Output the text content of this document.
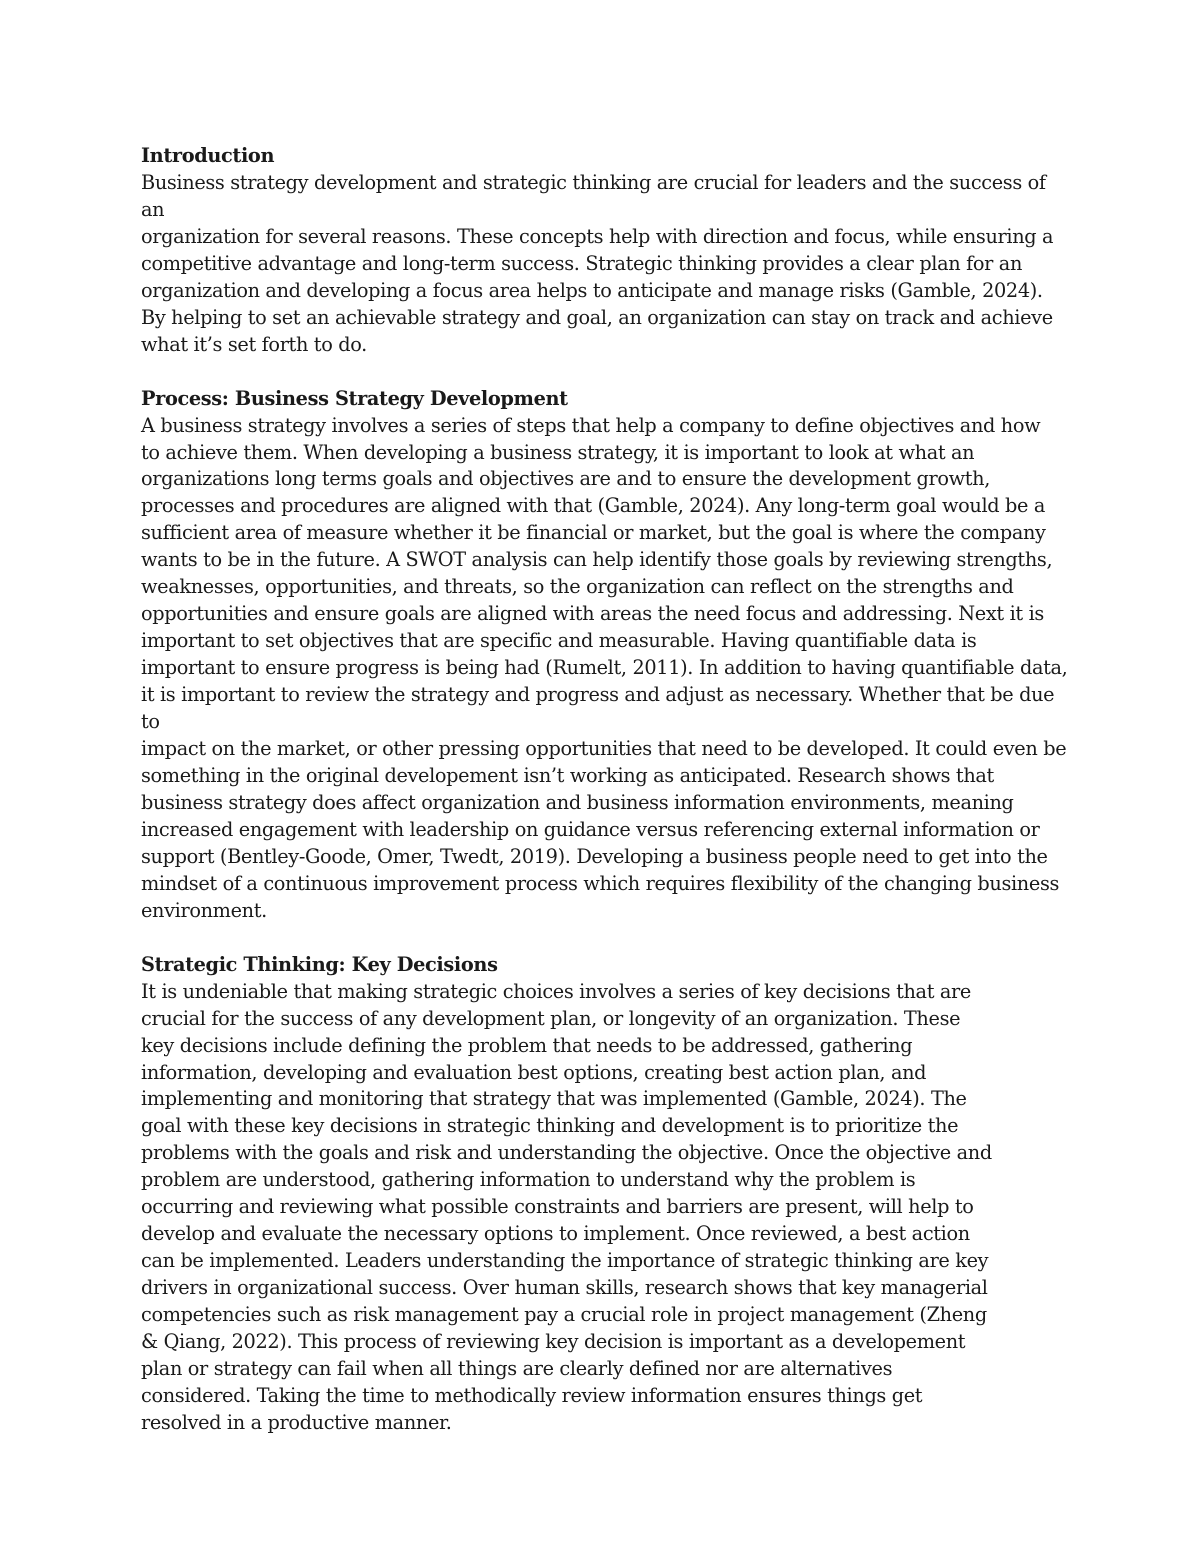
Introduction

Business strategy development and strategic thinking are crucial for leaders and the success of an
organization for several reasons. These concepts help with direction and focus, while ensuring a
competitive advantage and long-term success. Strategic thinking provides a clear plan for an
organization and developing a focus area helps to anticipate and manage risks (Gamble, 2024).
By helping to set an achievable strategy and goal, an organization can stay on track and achieve
what it’s set forth to do.

Process: Business Strategy Development

A business strategy involves a series of steps that help a company to define objectives and how
to achieve them. When developing a business strategy, it is important to look at what an
organizations long terms goals and objectives are and to ensure the development growth,
processes and procedures are aligned with that (Gamble, 2024). Any long-term goal would be a
sufficient area of measure whether it be financial or market, but the goal is where the company
wants to be in the future. A SWOT analysis can help identify those goals by reviewing strengths,
weaknesses, opportunities, and threats, so the organization can reflect on the strengths and
opportunities and ensure goals are aligned with areas the need focus and addressing. Next it is
important to set objectives that are specific and measurable. Having quantifiable data is
important to ensure progress is being had (Rumelt, 2011). In addition to having quantifiable data,
it is important to review the strategy and progress and adjust as necessary. Whether that be due to
impact on the market, or other pressing opportunities that need to be developed. It could even be
something in the original developement isn’t working as anticipated. Research shows that
business strategy does affect organization and business information environments, meaning
increased engagement with leadership on guidance versus referencing external information or
support (Bentley-Goode, Omer, Twedt, 2019). Developing a business people need to get into the
mindset of a continuous improvement process which requires flexibility of the changing business
environment.

Strategic Thinking: Key Decisions

It is undeniable that making strategic choices involves a series of key decisions that are
crucial for the success of any development plan, or longevity of an organization. These
key decisions include defining the problem that needs to be addressed, gathering
information, developing and evaluation best options, creating best action plan, and
implementing and monitoring that strategy that was implemented (Gamble, 2024). The
goal with these key decisions in strategic thinking and development is to prioritize the
problems with the goals and risk and understanding the objective. Once the objective and
problem are understood, gathering information to understand why the problem is
occurring and reviewing what possible constraints and barriers are present, will help to
develop and evaluate the necessary options to implement. Once reviewed, a best action
can be implemented. Leaders understanding the importance of strategic thinking are key
drivers in organizational success. Over human skills, research shows that key managerial
competencies such as risk management pay a crucial role in project management (Zheng
& Qiang, 2022). This process of reviewing key decision is important as a developement
plan or strategy can fail when all things are clearly defined nor are alternatives
considered. Taking the time to methodically review information ensures things get
resolved in a productive manner.
